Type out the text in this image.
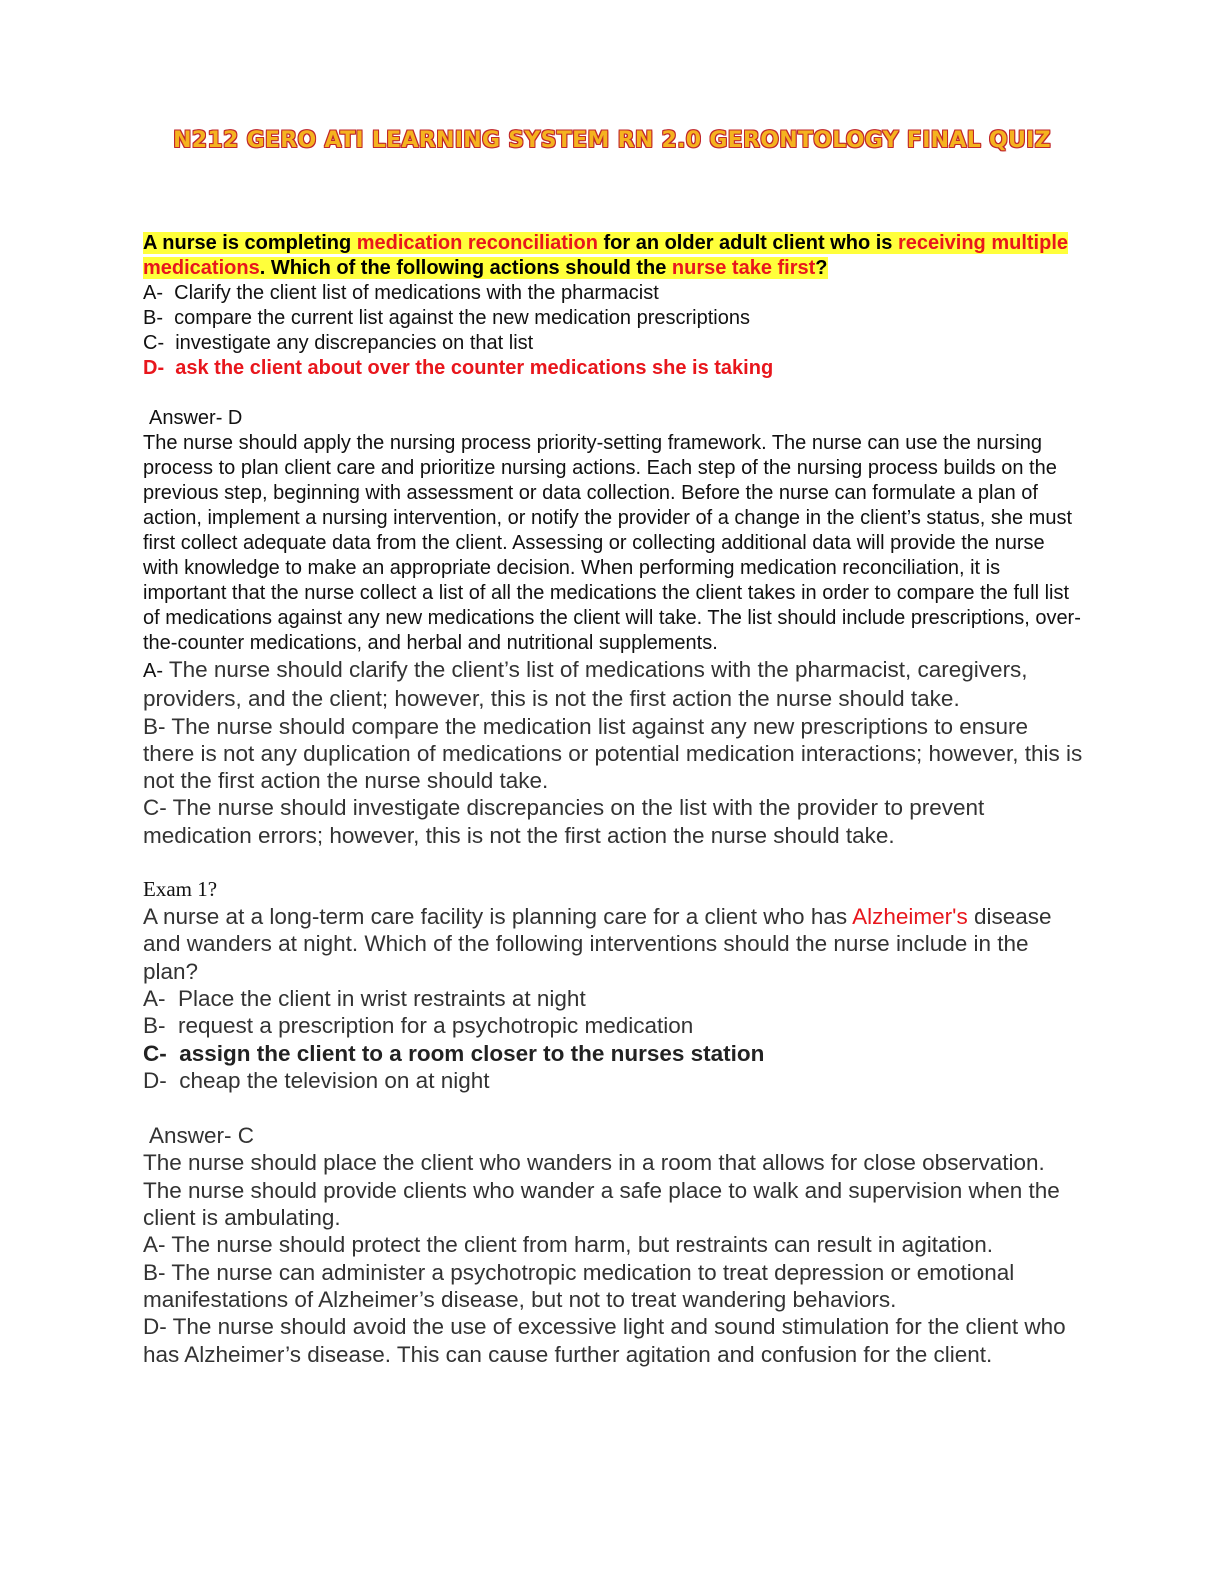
N212 GERO ATI LEARNING SYSTEM RN 2.0 GERONTOLOGY FINAL QUIZ

A nurse is completing medication reconciliation for an older adult client who is receiving multiple medications. Which of the following actions should the nurse take first?

A- Clarify the client list of medications with the pharmacist

B- compare the current list against the new medication prescriptions

C- investigate any discrepancies on that list

D- ask the client about over the counter medications she is taking

Answer- D

The nurse should apply the nursing process priority-setting framework. The nurse can use the nursing process to plan client care and prioritize nursing actions. Each step of the nursing process builds on the previous step, beginning with assessment or data collection. Before the nurse can formulate a plan of action, implement a nursing intervention, or notify the provider of a change in the client’s status, she must first collect adequate data from the client. Assessing or collecting additional data will provide the nurse with knowledge to make an appropriate decision. When performing medication reconciliation, it is important that the nurse collect a list of all the medications the client takes in order to compare the full list of medications against any new medications the client will take. The list should include prescriptions, over-the-counter medications, and herbal and nutritional supplements.

A- The nurse should clarify the client’s list of medications with the pharmacist, caregivers, providers, and the client; however, this is not the first action the nurse should take.

B- The nurse should compare the medication list against any new prescriptions to ensure there is not any duplication of medications or potential medication interactions; however, this is not the first action the nurse should take.

C- The nurse should investigate discrepancies on the list with the provider to prevent medication errors; however, this is not the first action the nurse should take.

Exam 1?

A nurse at a long-term care facility is planning care for a client who has Alzheimer's disease and wanders at night. Which of the following interventions should the nurse include in the plan?

A- Place the client in wrist restraints at night

B- request a prescription for a psychotropic medication

C- assign the client to a room closer to the nurses station

D- cheap the television on at night

Answer- C

The nurse should place the client who wanders in a room that allows for close observation. The nurse should provide clients who wander a safe place to walk and supervision when the client is ambulating.

A- The nurse should protect the client from harm, but restraints can result in agitation.

B- The nurse can administer a psychotropic medication to treat depression or emotional manifestations of Alzheimer’s disease, but not to treat wandering behaviors.

D- The nurse should avoid the use of excessive light and sound stimulation for the client who has Alzheimer’s disease. This can cause further agitation and confusion for the client.
